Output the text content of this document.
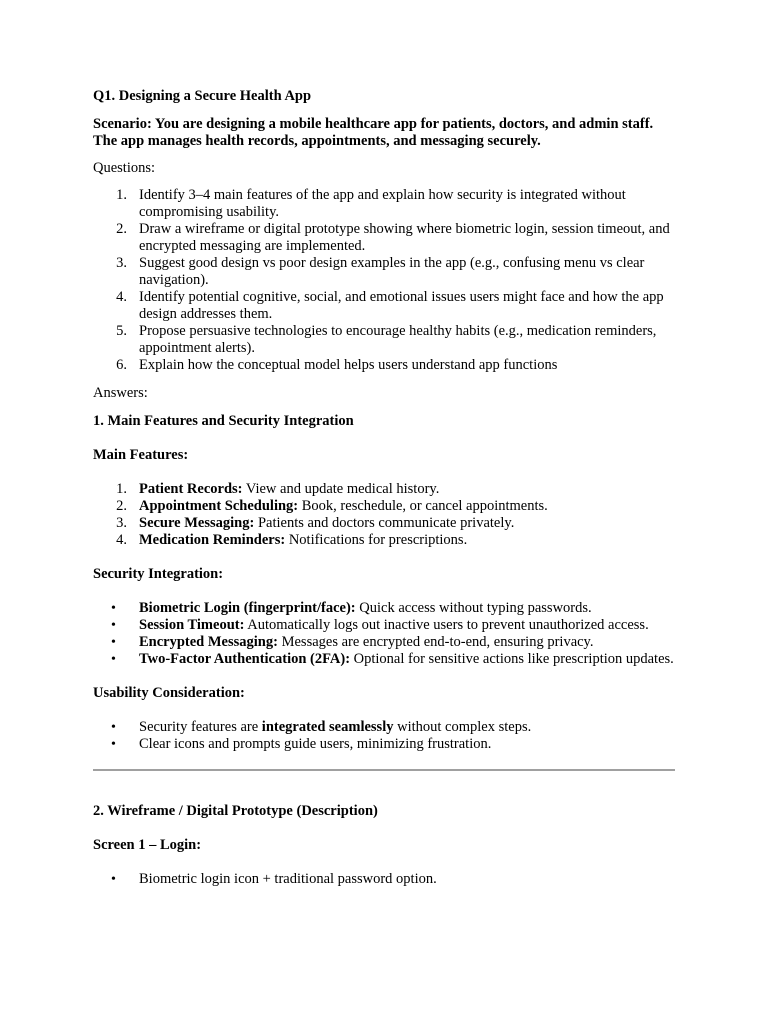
Q1. Designing a Secure Health App

Scenario: You are designing a mobile healthcare app for patients, doctors, and admin staff. The app manages health records, appointments, and messaging securely.

Questions:

1. Identify 3–4 main features of the app and explain how security is integrated without compromising usability.
2. Draw a wireframe or digital prototype showing where biometric login, session timeout, and encrypted messaging are implemented.
3. Suggest good design vs poor design examples in the app (e.g., confusing menu vs clear navigation).
4. Identify potential cognitive, social, and emotional issues users might face and how the app design addresses them.
5. Propose persuasive technologies to encourage healthy habits (e.g., medication reminders, appointment alerts).
6. Explain how the conceptual model helps users understand app functions

Answers:

1. Main Features and Security Integration

Main Features:

1. Patient Records: View and update medical history.
2. Appointment Scheduling: Book, reschedule, or cancel appointments.
3. Secure Messaging: Patients and doctors communicate privately.
4. Medication Reminders: Notifications for prescriptions.

Security Integration:

• Biometric Login (fingerprint/face): Quick access without typing passwords.
• Session Timeout: Automatically logs out inactive users to prevent unauthorized access.
• Encrypted Messaging: Messages are encrypted end-to-end, ensuring privacy.
• Two-Factor Authentication (2FA): Optional for sensitive actions like prescription updates.

Usability Consideration:

• Security features are integrated seamlessly without complex steps.
• Clear icons and prompts guide users, minimizing frustration.

2. Wireframe / Digital Prototype (Description)

Screen 1 – Login:

• Biometric login icon + traditional password option.
